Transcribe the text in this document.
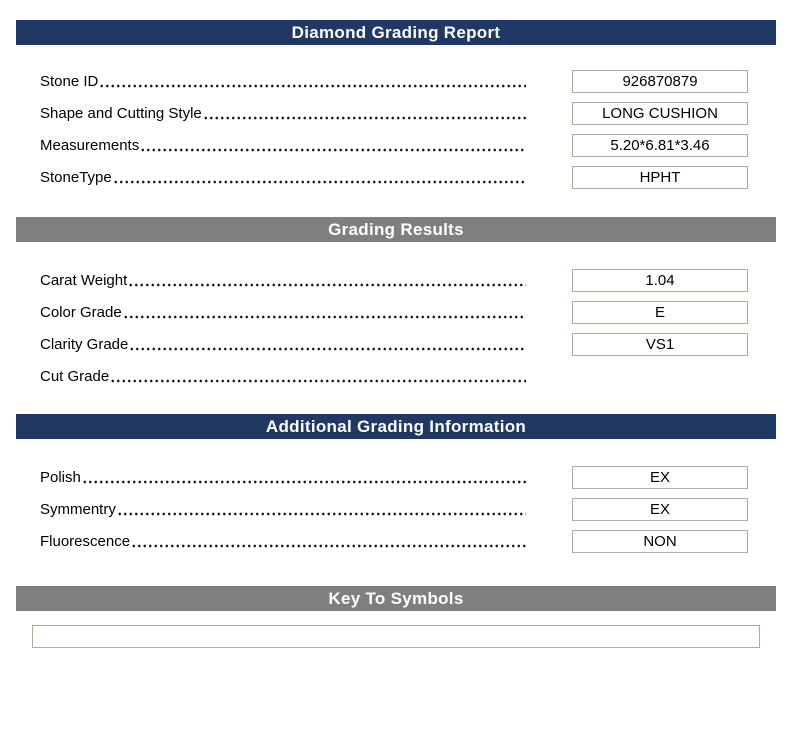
Diamond Grading Report
Stone ID	926870879
Shape and Cutting Style	LONG CUSHION
Measurements	5.20*6.81*3.46
StoneType	HPHT
Grading Results
Carat Weight	1.04
Color Grade	E
Clarity Grade	VS1
Cut Grade
Additional Grading Information
Polish	EX
Symmentry	EX
Fluorescence	NON
Key To Symbols
